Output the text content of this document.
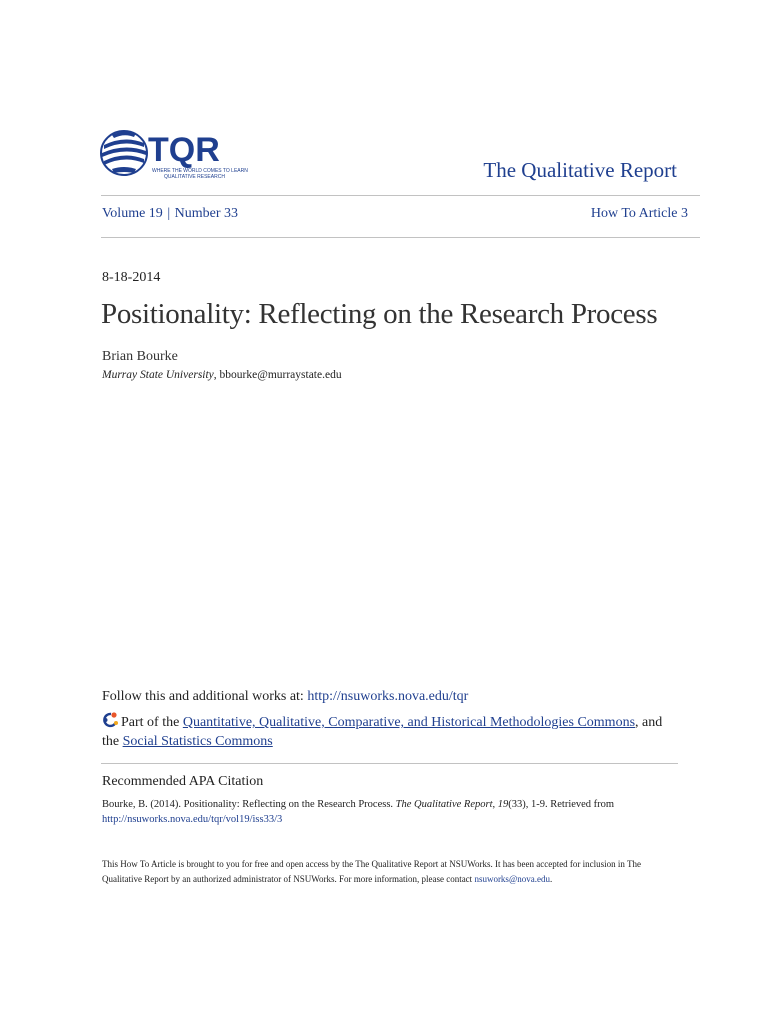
TQR
WHERE THE WORLD COMES TO LEARN
QUALITATIVE RESEARCH	The Qualitative Report
Volume 19 | Number 33	How To Article 3
8-18-2014
Positionality: Reflecting on the Research Process
Brian Bourke
Murray State University, bbourke@murraystate.edu
Follow this and additional works at: http://nsuworks.nova.edu/tqr
Part of the Quantitative, Qualitative, Comparative, and Historical Methodologies Commons, and
the Social Statistics Commons
Recommended APA Citation
Bourke, B. (2014). Positionality: Reflecting on the Research Process. The Qualitative Report, 19(33), 1-9. Retrieved from
http://nsuworks.nova.edu/tqr/vol19/iss33/3
This How To Article is brought to you for free and open access by the The Qualitative Report at NSUWorks. It has been accepted for inclusion in The
Qualitative Report by an authorized administrator of NSUWorks. For more information, please contact nsuworks@nova.edu.
